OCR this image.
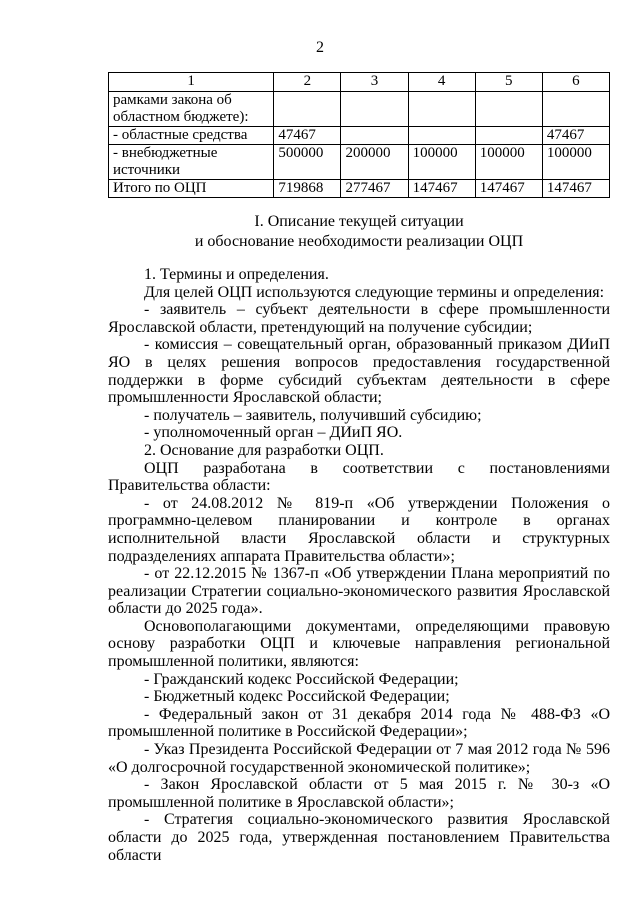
2
1	2	3	4	5	6
рамками закона об областном бюджете):					
- областные средства	47467				47467
- внебюджетные источники	500000	200000	100000	100000	100000
Итого по ОЦП	719868	277467	147467	147467	147467
I. Описание текущей ситуации
и обоснование необходимости реализации ОЦП

1. Термины и определения.

Для целей ОЦП используются следующие термины и определения:

- заявитель – субъект деятельности в сфере промышленности Ярославской области, претендующий на получение субсидии;

- комиссия – совещательный орган, образованный приказом ДИиП ЯО в целях решения вопросов предоставления государственной поддержки в форме субсидий субъектам деятельности в сфере промышленности Ярославской области;

- получатель – заявитель, получивший субсидию;

- уполномоченный орган – ДИиП ЯО.

2. Основание для разработки ОЦП.

ОЦП разработана в соответствии с постановлениями Правительства области:

- от 24.08.2012 № 819-п «Об утверждении Положения о программно-целевом планировании и контроле в органах исполнительной власти Ярославской области и структурных подразделениях аппарата Правительства области»;

- от 22.12.2015 № 1367-п «Об утверждении Плана мероприятий по реализации Стратегии социально-экономического развития Ярославской области до 2025 года».

Основополагающими документами, определяющими правовую основу разработки ОЦП и ключевые направления региональной промышленной политики, являются:

- Гражданский кодекс Российской Федерации;

- Бюджетный кодекс Российской Федерации;

- Федеральный закон от 31 декабря 2014 года № 488-ФЗ «О промышленной политике в Российской Федерации»;

- Указ Президента Российской Федерации от 7 мая 2012 года № 596 «О долгосрочной государственной экономической политике»;

- Закон Ярославской области от 5 мая 2015 г. № 30-з «О промышленной политике в Ярославской области»;

- Стратегия социально-экономического развития Ярославской области до 2025 года, утвержденная постановлением Правительства области
